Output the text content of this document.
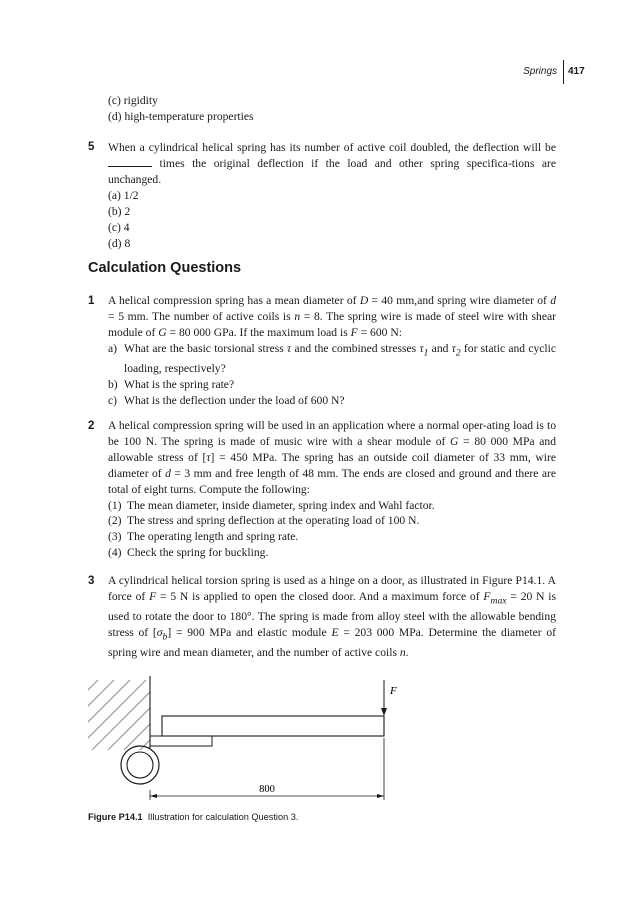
Springs 417
(c) rigidity
(d) high-temperature properties
5 When a cylindrical helical spring has its number of active coil doubled, the deflection will be  times the original deflection if the load and other spring specifica-tions are unchanged.

(a) 1/2
(b) 2
(c) 4
(d) 8
Calculation Questions
1 A helical compression spring has a mean diameter of D = 40 mm,and spring wire diameter of d = 5 mm. The number of active coils is n = 8. The spring wire is made of steel wire with shear module of G = 80 000 GPa. If the maximum load is F = 600 N:

a) What are the basic torsional stress τ and the combined stresses $\tau_1$ and $\tau_2$ for static and cyclic loading, respectively?
b) What is the spring rate?
c) What is the deflection under the load of 600 N?
2 A helical compression spring will be used in an application where a normal oper-ating load is to be 100 N. The spring is made of music wire with a shear module of G = 80 000 MPa and allowable stress of [τ] = 450 MPa. The spring has an outside coil diameter of 33 mm, wire diameter of d = 3 mm and free length of 48 mm. The ends are closed and ground and there are total of eight turns. Compute the following:

(1) The mean diameter, inside diameter, spring index and Wahl factor.
(2) The stress and spring deflection at the operating load of 100 N.
(3) The operating length and spring rate.
(4) Check the spring for buckling.
3 A cylindrical helical torsion spring is used as a hinge on a door, as illustrated in Figure P14.1. A force of F = 5 N is applied to open the closed door. And a maximum force of $F_{max} = 20$ N is used to rotate the door to 180°. The spring is made from alloy steel with the allowable bending stress of $[\sigma_b] = 900$ MPa and elastic module E = 203 000 MPa. Determine the diameter of spring wire and mean diameter, and the number of active coils n.

F
800
Figure P14.1 Illustration for calculation Question 3.
